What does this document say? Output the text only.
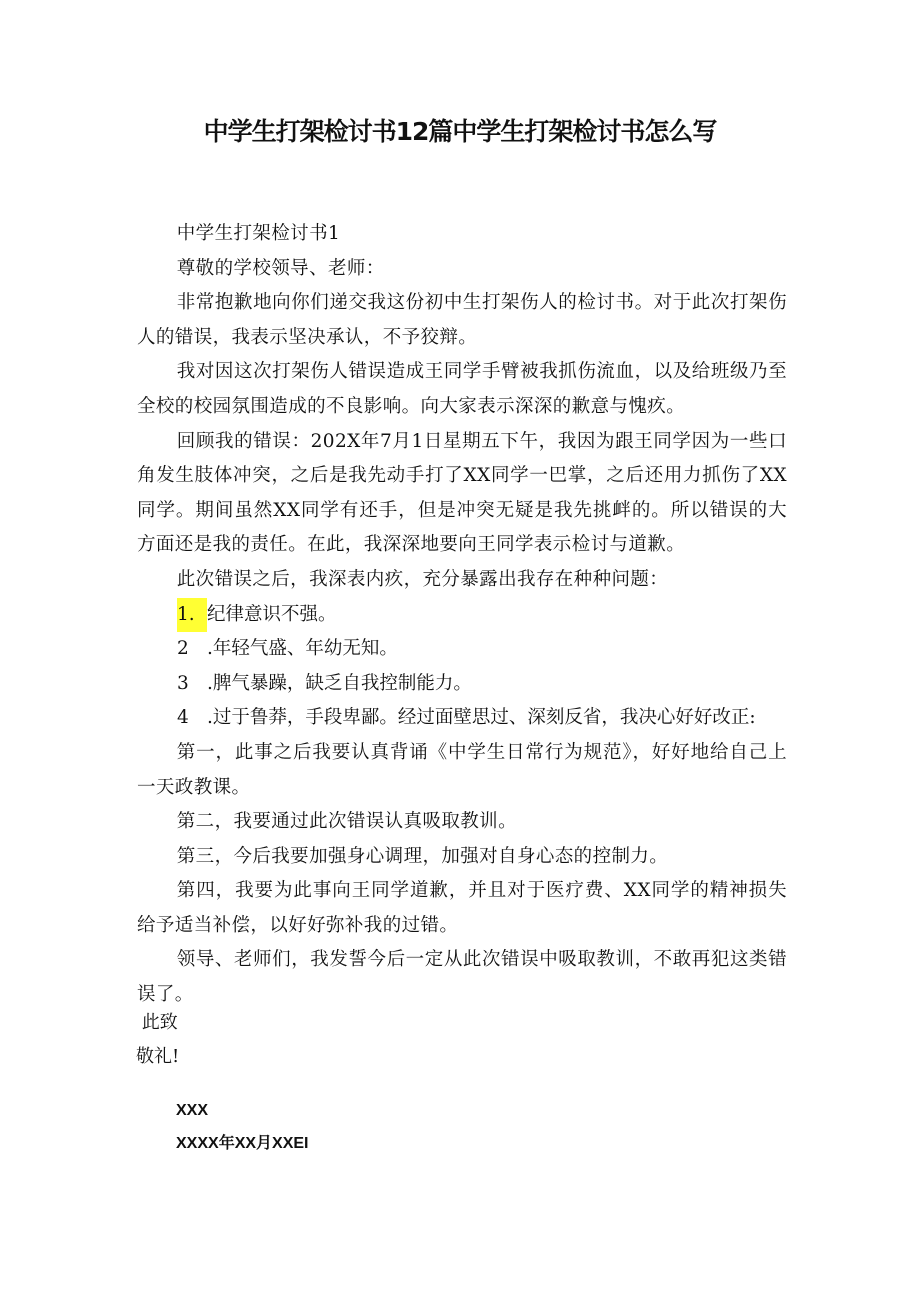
中学生打架检讨书12篇中学生打架检讨书怎么写

中学生打架检讨书1

尊敬的学校领导、老师：

非常抱歉地向你们递交我这份初中生打架伤人的检讨书。对于此次打架伤人的错误，我表示坚决承认，不予狡辩。

我对因这次打架伤人错误造成王同学手臂被我抓伤流血，以及给班级乃至全校的校园氛围造成的不良影响。向大家表示深深的歉意与愧疚。

回顾我的错误：202X年7月1日星期五下午，我因为跟王同学因为一些口角发生肢体冲突，之后是我先动手打了XX同学一巴掌，之后还用力抓伤了XX同学。期间虽然XX同学有还手，但是冲突无疑是我先挑衅的。所以错误的大方面还是我的责任。在此，我深深地要向王同学表示检讨与道歉。

此次错误之后，我深表内疚，充分暴露出我存在种种问题：

1. 纪律意识不强。

2 .年轻气盛、年幼无知。

3 .脾气暴躁，缺乏自我控制能力。

4 .过于鲁莽，手段卑鄙。经过面壁思过、深刻反省，我决心好好改正:

第一，此事之后我要认真背诵《中学生日常行为规范》，好好地给自己上一天政教课。

第二，我要通过此次错误认真吸取教训。

第三，今后我要加强身心调理，加强对自身心态的控制力。

第四，我要为此事向王同学道歉，并且对于医疗费、XX同学的精神损失给予适当补偿，以好好弥补我的过错。

领导、老师们，我发誓今后一定从此次错误中吸取教训，不敢再犯这类错误了。

此致
敬礼!
XXX
XXXX年XX月XXEI
